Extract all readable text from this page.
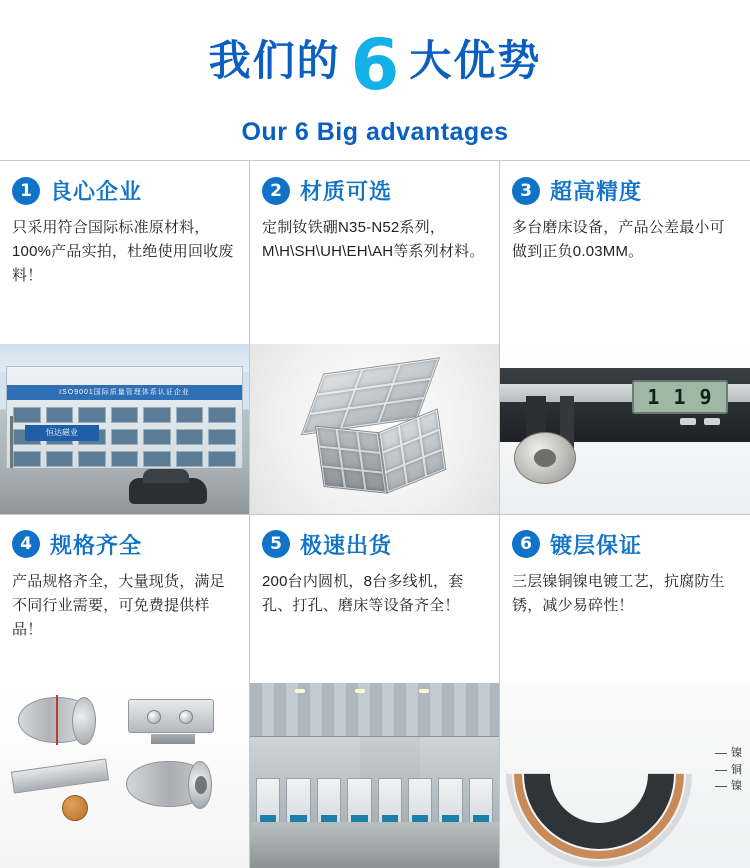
我们的 6 大优势
Our 6 Big advantages
1 良心企业
只采用符合国际标准原材料，100%产品实拍，杜绝使用回收废料！
ISO9001国际质量管理体系认证企业
恒达磁业
2 材质可选
定制钕铁硼N35-N52系列，M\H\SH\UH\EH\AH等系列材料。
3 超高精度
多台磨床设备，产品公差最小可做到正负0.03MM。
1 1 9
4 规格齐全
产品规格齐全，大量现货，满足不同行业需要，可免费提供样品！
5 极速出货
200台内圆机，8台多线机，套孔、打孔、磨床等设备齐全！
6 镀层保证
三层镍铜镍电镀工艺，抗腐防生锈，减少易碎性！
镍
铜
镍
